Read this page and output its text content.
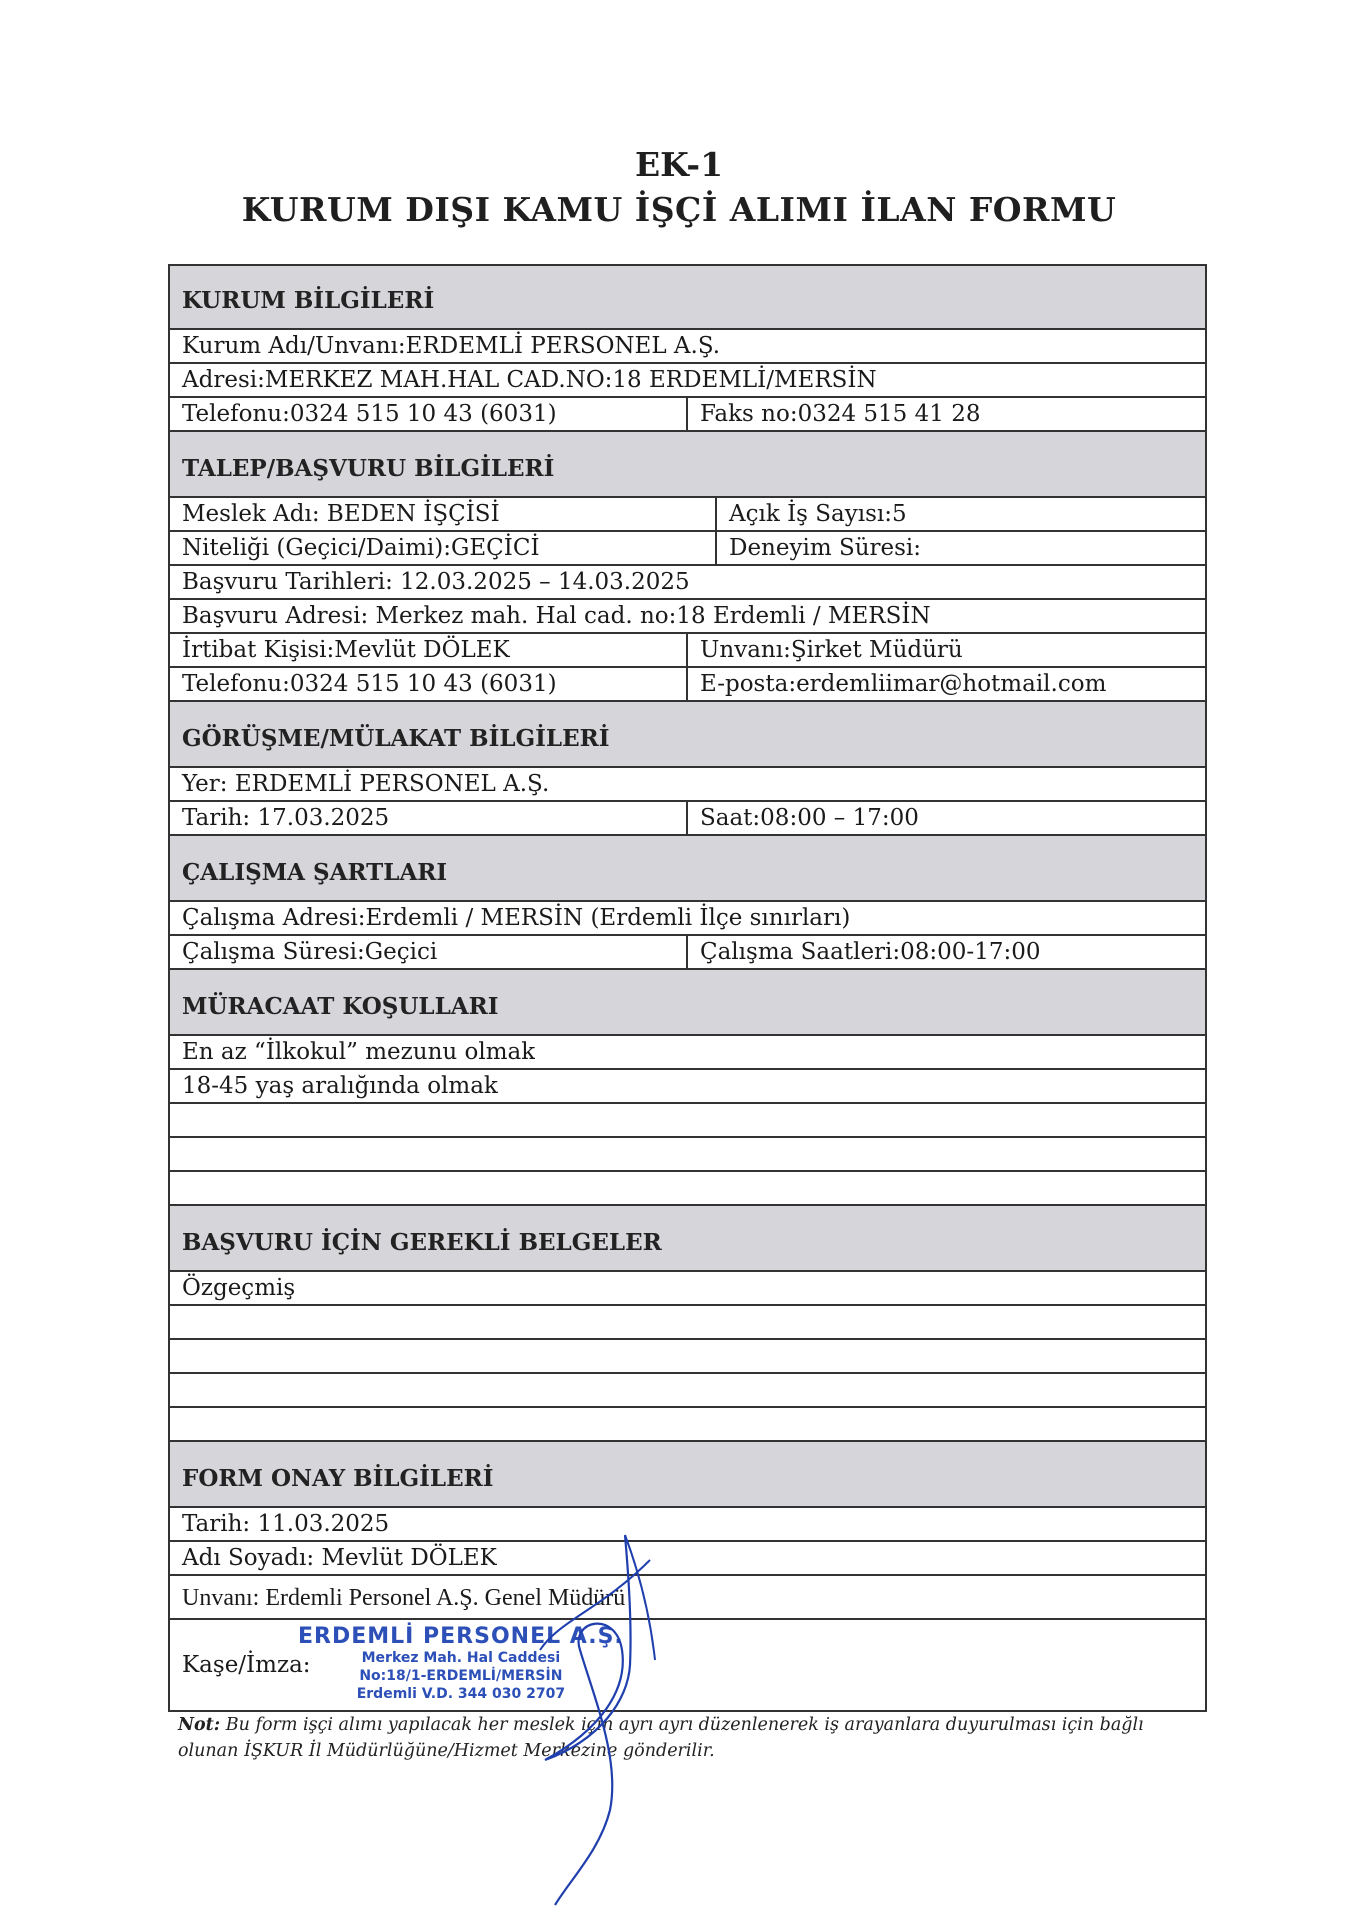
EK-1
KURUM DIŞI KAMU İŞÇİ ALIMI İLAN FORMU
KURUM BİLGİLERİ
Kurum Adı/Unvanı:ERDEMLİ PERSONEL A.Ş.
Adresi:MERKEZ MAH.HAL CAD.NO:18 ERDEMLİ/MERSİN
Telefonu:0324 515 10 43 (6031)	Faks no:0324 515 41 28
TALEP/BAŞVURU BİLGİLERİ
Meslek Adı: BEDEN İŞÇİSİ	Açık İş Sayısı:5
Niteliği (Geçici/Daimi):GEÇİCİ	Deneyim Süresi:
Başvuru Tarihleri: 12.03.2025 – 14.03.2025
Başvuru Adresi: Merkez mah. Hal cad. no:18 Erdemli / MERSİN
İrtibat Kişisi:Mevlüt DÖLEK	Unvanı:Şirket Müdürü
Telefonu:0324 515 10 43 (6031)	E-posta:erdemliimar@hotmail.com
GÖRÜŞME/MÜLAKAT BİLGİLERİ
Yer: ERDEMLİ PERSONEL A.Ş.
Tarih: 17.03.2025	Saat:08:00 – 17:00
ÇALIŞMA ŞARTLARI
Çalışma Adresi:Erdemli / MERSİN (Erdemli İlçe sınırları)
Çalışma Süresi:Geçici	Çalışma Saatleri:08:00-17:00
MÜRACAAT KOŞULLARI
En az “İlkokul” mezunu olmak
18-45 yaş aralığında olmak
BAŞVURU İÇİN GEREKLİ BELGELER
Özgeçmiş
FORM ONAY BİLGİLERİ
Tarih: 11.03.2025
Adı Soyadı: Mevlüt DÖLEK
Unvanı: Erdemli Personel A.Ş. Genel Müdürü
Kaşe/İmza:
ERDEMLİ PERSONEL A.Ş.
Merkez Mah. Hal Caddesi
No:18/1-ERDEMLİ/MERSİN
Erdemli V.D. 344 030 2707
Not: Bu form işçi alımı yapılacak her meslek için ayrı ayrı düzenlenerek iş arayanlara duyurulması için bağlı
olunan İŞKUR İl Müdürlüğüne/Hizmet Merkezine gönderilir.
